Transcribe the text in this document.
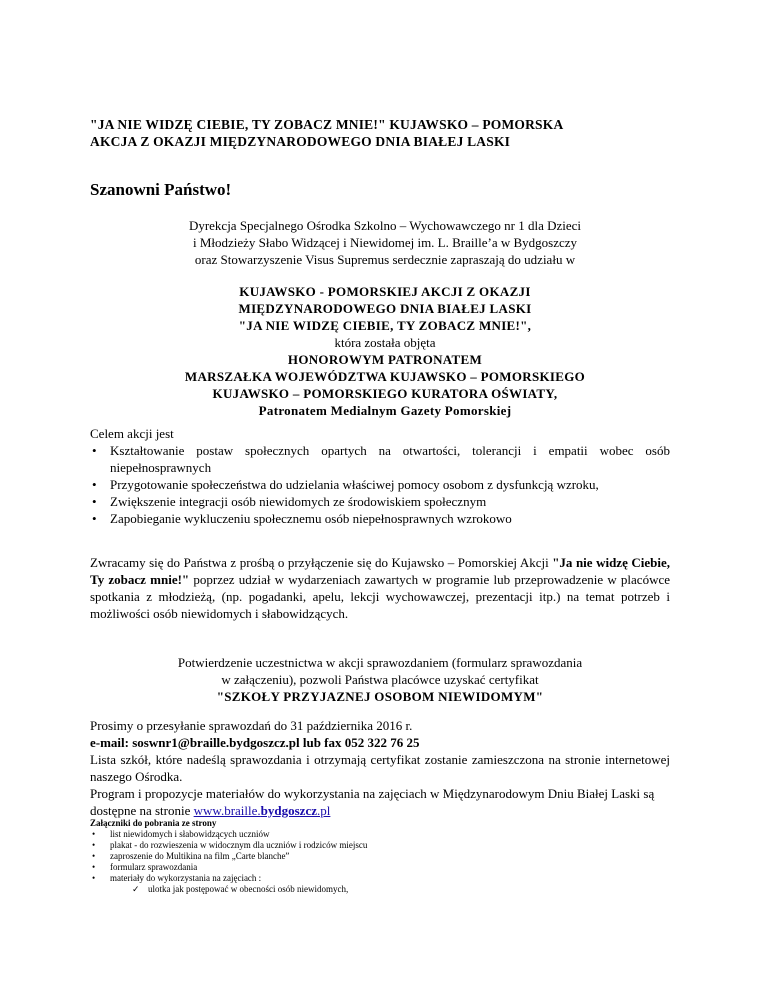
"JA NIE WIDZĘ CIEBIE, TY ZOBACZ MNIE!" KUJAWSKO – POMORSKA
AKCJA Z OKAZJI MIĘDZYNARODOWEGO DNIA BIAŁEJ LASKI
Szanowni Państwo!
Dyrekcja Specjalnego Ośrodka Szkolno – Wychowawczego nr 1 dla Dzieci
i Młodzieży Słabo Widzącej i Niewidomej im. L. Braille’a w Bydgoszczy
oraz Stowarzyszenie Visus Supremus serdecznie zapraszają do udziału w
KUJAWSKO - POMORSKIEJ AKCJI Z OKAZJI
MIĘDZYNARODOWEGO DNIA BIAŁEJ LASKI
"JA NIE WIDZĘ CIEBIE, TY ZOBACZ MNIE!",
która została objęta
HONOROWYM PATRONATEM
MARSZAŁKA WOJEWÓDZTWA KUJAWSKO – POMORSKIEGO
KUJAWSKO – POMORSKIEGO KURATORA OŚWIATY,
Patronatem Medialnym Gazety Pomorskiej
Celem akcji jest
• Kształtowanie postaw społecznych opartych na otwartości, tolerancji i empatii wobec osób niepełnosprawnych
• Przygotowanie społeczeństwa do udzielania właściwej pomocy osobom z dysfunkcją wzroku,
• Zwiększenie integracji osób niewidomych ze środowiskiem społecznym
• Zapobieganie wykluczeniu społecznemu osób niepełnosprawnych wzrokowo
Zwracamy się do Państwa z prośbą o przyłączenie się do Kujawsko – Pomorskiej Akcji "Ja nie widzę Ciebie, Ty zobacz mnie!" poprzez udział w wydarzeniach zawartych w programie lub przeprowadzenie w placówce spotkania z młodzieżą, (np. pogadanki, apelu, lekcji wychowawczej, prezentacji itp.) na temat potrzeb i możliwości osób niewidomych i słabowidzących.
Potwierdzenie uczestnictwa w akcji sprawozdaniem (formularz sprawozdania
w załączeniu), pozwoli Państwa placówce uzyskać certyfikat
"SZKOŁY PRZYJAZNEJ OSOBOM NIEWIDOMYM"
Prosimy o przesyłanie sprawozdań do 31 października 2016 r.
e-mail: soswnr1@braille.bydgoszcz.pl lub fax 052 322 76 25
Lista szkół, które nadeślą sprawozdania i otrzymają certyfikat zostanie zamieszczona na stronie internetowej naszego Ośrodka.
Program i propozycje materiałów do wykorzystania na zajęciach w Międzynarodowym Dniu Białej Laski są dostępne na stronie www.braille.bydgoszcz.pl
Załączniki do pobrania ze strony
• list niewidomych i słabowidzących uczniów
• plakat - do rozwieszenia w widocznym dla uczniów i rodziców miejscu
• zaproszenie do Multikina na film „Carte blanche”
• formularz sprawozdania
• materiały do wykorzystania na zajęciach :
✓ ulotka jak postępować w obecności osób niewidomych,
